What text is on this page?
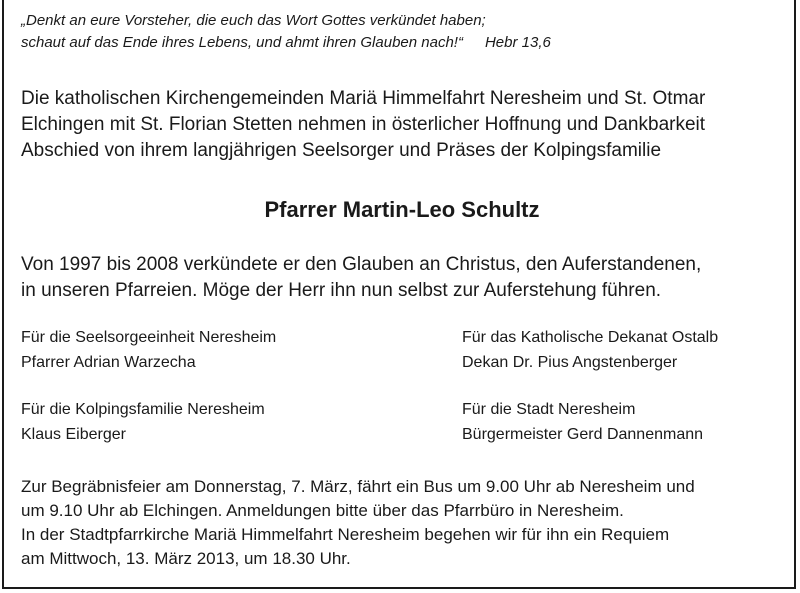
„Denkt an eure Vorsteher, die euch das Wort Gottes verkündet haben;
schaut auf das Ende ihres Lebens, und ahmt ihren Glauben nach!“ Hebr 13,6
Die katholischen Kirchengemeinden Mariä Himmelfahrt Neresheim und St. Otmar
Elchingen mit St. Florian Stetten nehmen in österlicher Hoffnung und Dankbarkeit
Abschied von ihrem langjährigen Seelsorger und Präses der Kolpingsfamilie
Pfarrer Martin-Leo Schultz
Von 1997 bis 2008 verkündete er den Glauben an Christus, den Auferstandenen,
in unseren Pfarreien. Möge der Herr ihn nun selbst zur Auferstehung führen.
Für die Seelsorgeeinheit Neresheim
Pfarrer Adrian Warzecha
Für das Katholische Dekanat Ostalb
Dekan Dr. Pius Angstenberger
Für die Kolpingsfamilie Neresheim
Klaus Eiberger
Für die Stadt Neresheim
Bürgermeister Gerd Dannenmann
Zur Begräbnisfeier am Donnerstag, 7. März, fährt ein Bus um 9.00 Uhr ab Neresheim und
um 9.10 Uhr ab Elchingen. Anmeldungen bitte über das Pfarrbüro in Neresheim.
In der Stadtpfarrkirche Mariä Himmelfahrt Neresheim begehen wir für ihn ein Requiem
am Mittwoch, 13. März 2013, um 18.30 Uhr.
